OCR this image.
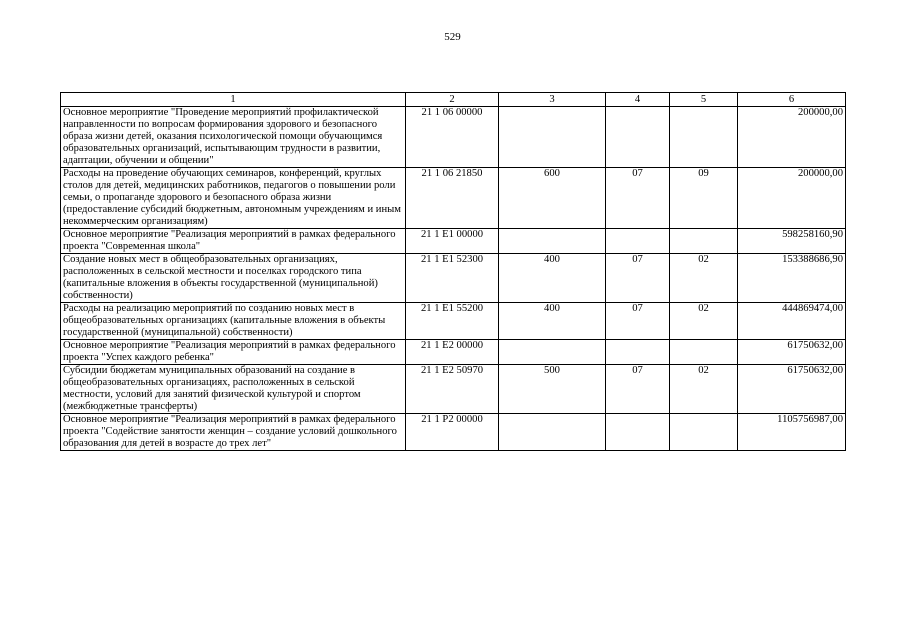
529
1	2	3	4	5	6
Основное мероприятие "Проведение мероприятий профилактической направленности по вопросам формирования здорового и безопасного образа жизни детей, оказания психологической помощи обучающимся образовательных организаций, испытывающим трудности в развитии, адаптации, обучении и общении"	21 1 06 00000				200000,00
Расходы на проведение обучающих семинаров, конференций, круглых столов для детей, медицинских работников, педагогов о повышении роли семьи, о пропаганде здорового и безопасного образа жизни (предоставление субсидий бюджетным, автономным учреждениям и иным некоммерческим организациям)	21 1 06 21850	600	07	09	200000,00
Основное мероприятие "Реализация мероприятий в рамках федерального проекта "Современная школа"	21 1 E1 00000				598258160,90
Создание новых мест в общеобразовательных организациях, расположенных в сельской местности и поселках городского типа (капитальные вложения в объекты государственной (муниципальной) собственности)	21 1 E1 52300	400	07	02	153388686,90
Расходы на реализацию мероприятий по созданию новых мест в общеобразовательных организациях (капитальные вложения в объекты государственной (муниципальной) собственности)	21 1 E1 55200	400	07	02	444869474,00
Основное мероприятие "Реализация мероприятий в рамках федерального проекта "Успех каждого ребенка"	21 1 E2 00000				61750632,00
Субсидии бюджетам муниципальных образований на создание в общеобразовательных организациях, расположенных в сельской местности, условий для занятий физической культурой и спортом (межбюджетные трансферты)	21 1 E2 50970	500	07	02	61750632,00
Основное мероприятие "Реализация мероприятий в рамках федерального проекта "Содействие занятости женщин – создание условий дошкольного образования для детей в возрасте до трех лет"	21 1 P2 00000				1105756987,00
